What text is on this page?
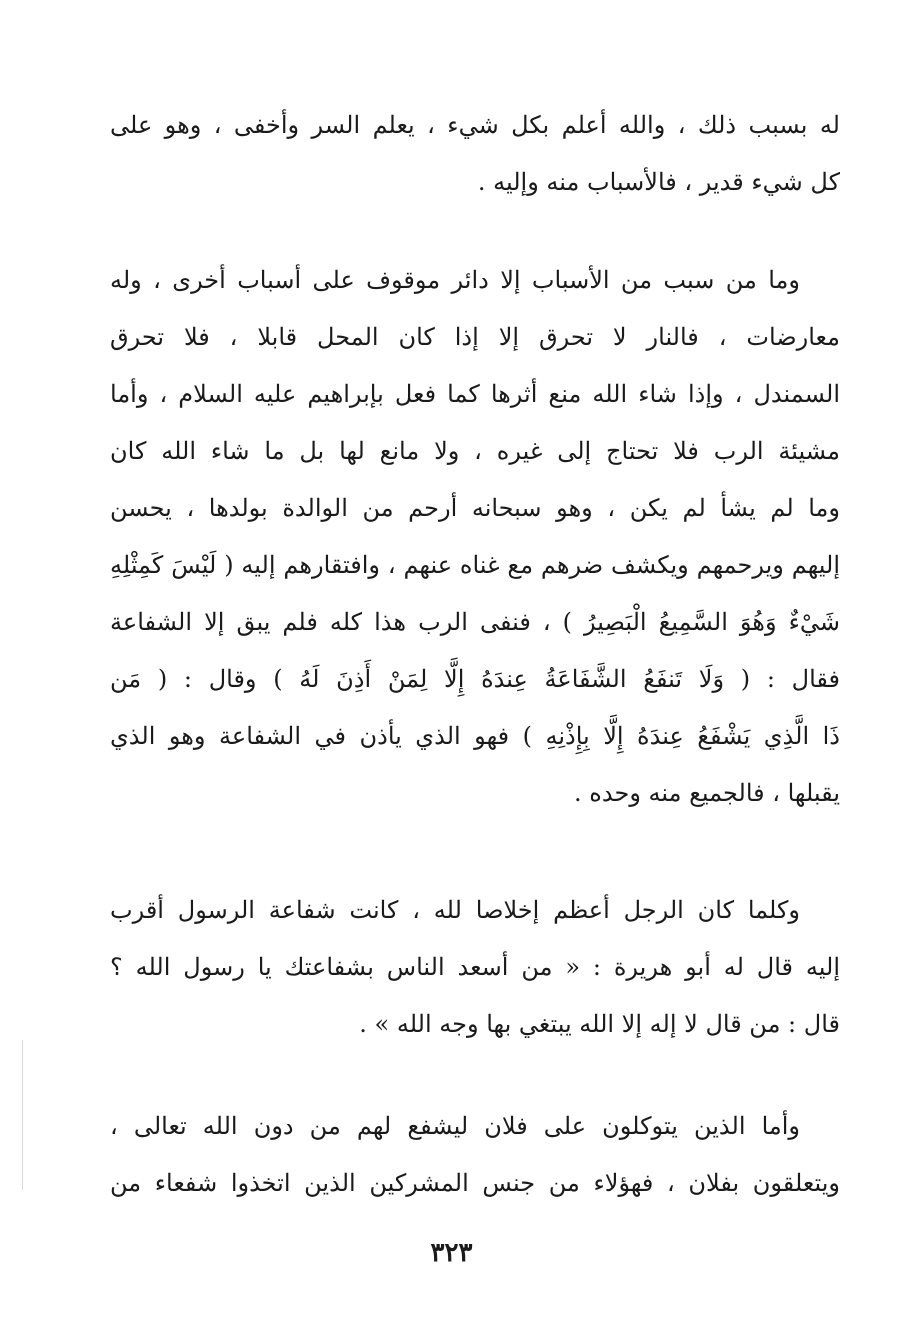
له بسبب ذلك ، والله أعلم بكل شيء ، يعلم السر وأخفى ، وهو على
كل شيء قدير ، فالأسباب منه وإليه .
وما من سبب من الأسباب إلا دائر موقوف على أسباب أخرى ، وله
معارضات ، فالنار لا تحرق إلا إذا كان المحل قابلا ، فلا تحرق
السمندل ، وإذا شاء الله منع أثرها كما فعل بإبراهيم عليه السلام ، وأما
مشيئة الرب فلا تحتاج إلى غيره ، ولا مانع لها بل ما شاء الله كان
وما لم يشأ لم يكن ، وهو سبحانه أرحم من الوالدة بولدها ، يحسن
إليهم ويرحمهم ويكشف ضرهم مع غناه عنهم ، وافتقارهم إليه ( لَيْسَ كَمِثْلِهِ
شَيْءٌ وَهُوَ السَّمِيعُ الْبَصِيرُ ) ، فنفى الرب هذا كله فلم يبق إلا الشفاعة
فقال : ( وَلَا تَنفَعُ الشَّفَاعَةُ عِندَهُ إِلَّا لِمَنْ أَذِنَ لَهُ ) وقال : ( مَن
ذَا الَّذِي يَشْفَعُ عِندَهُ إِلَّا بِإِذْنِهِ ) فهو الذي يأذن في الشفاعة وهو الذي
يقبلها ، فالجميع منه وحده .
وكلما كان الرجل أعظم إخلاصا لله ، كانت شفاعة الرسول أقرب
إليه قال له أبو هريرة : « من أسعد الناس بشفاعتك يا رسول الله ؟
قال : من قال لا إله إلا الله يبتغي بها وجه الله » .
وأما الذين يتوكلون على فلان ليشفع لهم من دون الله تعالى ،
ويتعلقون بفلان ، فهؤلاء من جنس المشركين الذين اتخذوا شفعاء من
٣٢٣
